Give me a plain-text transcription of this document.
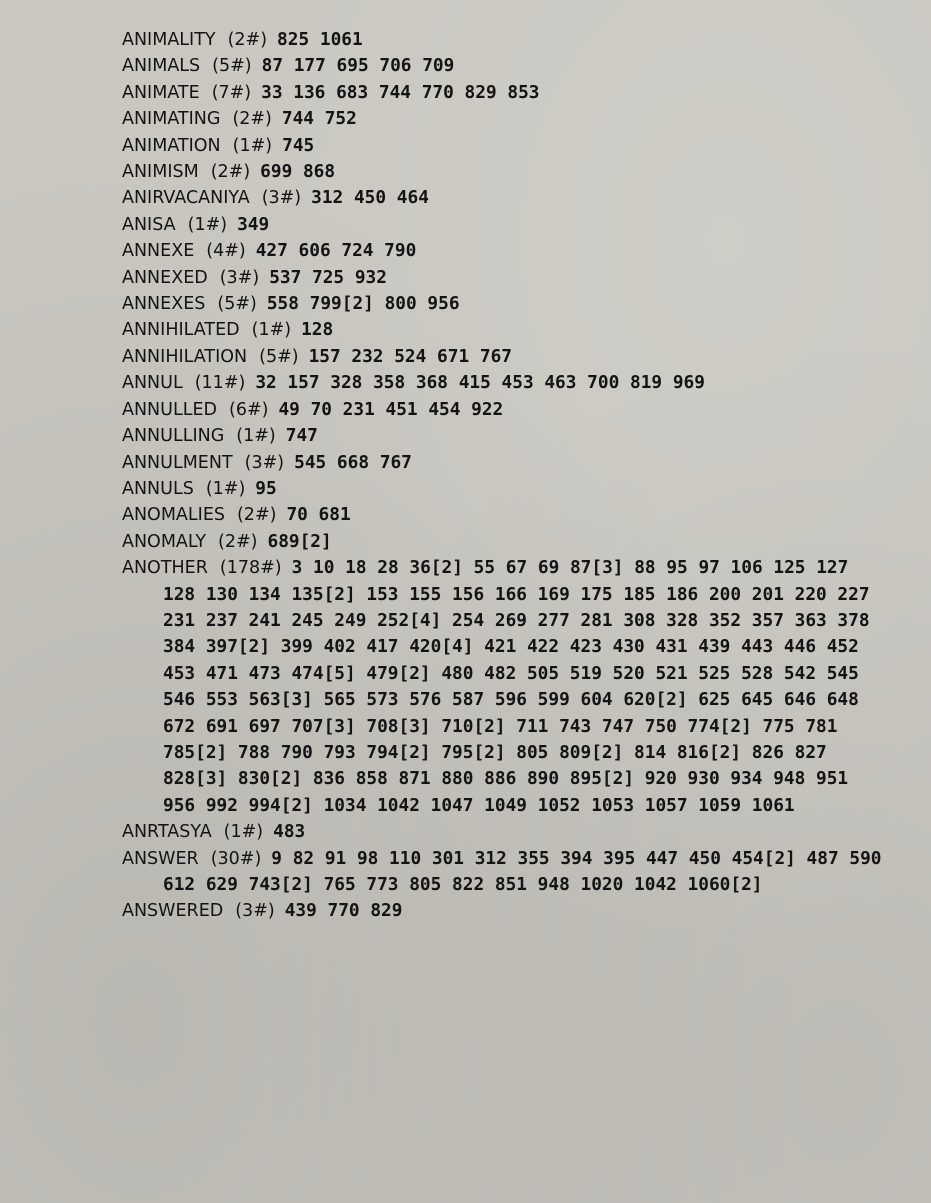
ANIMALITY (2#) 825 1061

ANIMALS (5#) 87 177 695 706 709

ANIMATE (7#) 33 136 683 744 770 829 853

ANIMATING (2#) 744 752

ANIMATION (1#) 745

ANIMISM (2#) 699 868

ANIRVACANIYA (3#) 312 450 464

ANISA (1#) 349

ANNEXE (4#) 427 606 724 790

ANNEXED (3#) 537 725 932

ANNEXES (5#) 558 799[2] 800 956

ANNIHILATED (1#) 128

ANNIHILATION (5#) 157 232 524 671 767

ANNUL (11#) 32 157 328 358 368 415 453 463 700 819 969

ANNULLED (6#) 49 70 231 451 454 922

ANNULLING (1#) 747

ANNULMENT (3#) 545 668 767

ANNULS (1#) 95

ANOMALIES (2#) 70 681

ANOMALY (2#) 689[2]

ANOTHER (178#) 3 10 18 28 36[2] 55 67 69 87[3] 88 95 97 106 125 127 128 130 134 135[2] 153 155 156 166 169 175 185 186 200 201 220 227 231 237 241 245 249 252[4] 254 269 277 281 308 328 352 357 363 378 384 397[2] 399 402 417 420[4] 421 422 423 430 431 439 443 446 452 453 471 473 474[5] 479[2] 480 482 505 519 520 521 525 528 542 545 546 553 563[3] 565 573 576 587 596 599 604 620[2] 625 645 646 648 672 691 697 707[3] 708[3] 710[2] 711 743 747 750 774[2] 775 781 785[2] 788 790 793 794[2] 795[2] 805 809[2] 814 816[2] 826 827 828[3] 830[2] 836 858 871 880 886 890 895[2] 920 930 934 948 951 956 992 994[2] 1034 1042 1047 1049 1052 1053 1057 1059 1061

ANRTASYA (1#) 483

ANSWER (30#) 9 82 91 98 110 301 312 355 394 395 447 450 454[2] 487 590 612 629 743[2] 765 773 805 822 851 948 1020 1042 1060[2]

ANSWERED (3#) 439 770 829
